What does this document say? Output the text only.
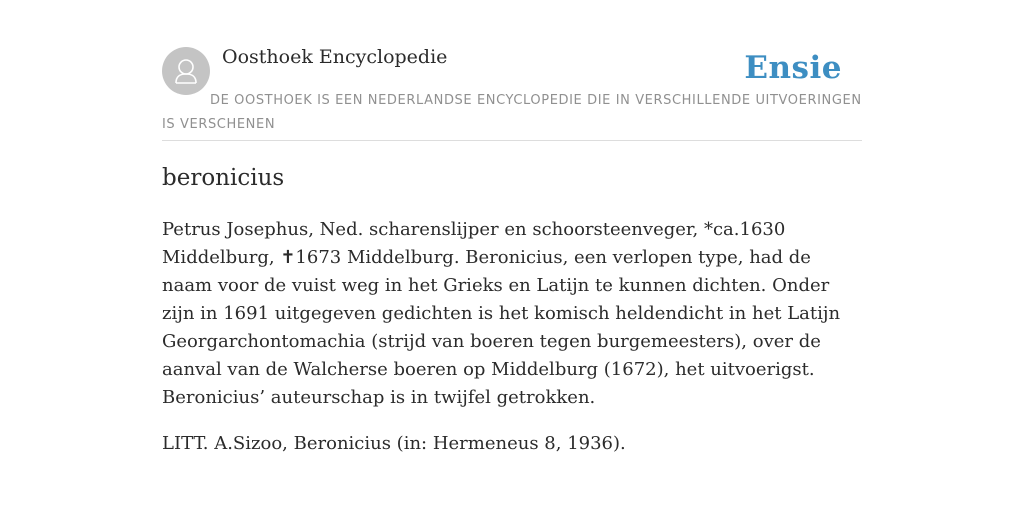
Oosthoek Encyclopedie	Ensie
DE OOSTHOEK IS EEN NEDERLANDSE ENCYCLOPEDIE DIE IN VERSCHILLENDE UITVOERINGEN IS VERSCHENEN
beronicius

Petrus Josephus, Ned. scharenslijper en schoorsteenveger, *ca.1630 Middelburg, ✝1673 Middelburg. Beronicius, een verlopen type, had de naam voor de vuist weg in het Grieks en Latijn te kunnen dichten. Onder zijn in 1691 uitgegeven gedichten is het komisch heldendicht in het Latijn Georgarchontomachia (strijd van boeren tegen burgemeesters), over de aanval van de Walcherse boeren op Middelburg (1672), het uitvoerigst. Beronicius’ auteurschap is in twijfel getrokken.

LITT. A.Sizoo, Beronicius (in: Hermeneus 8, 1936).
